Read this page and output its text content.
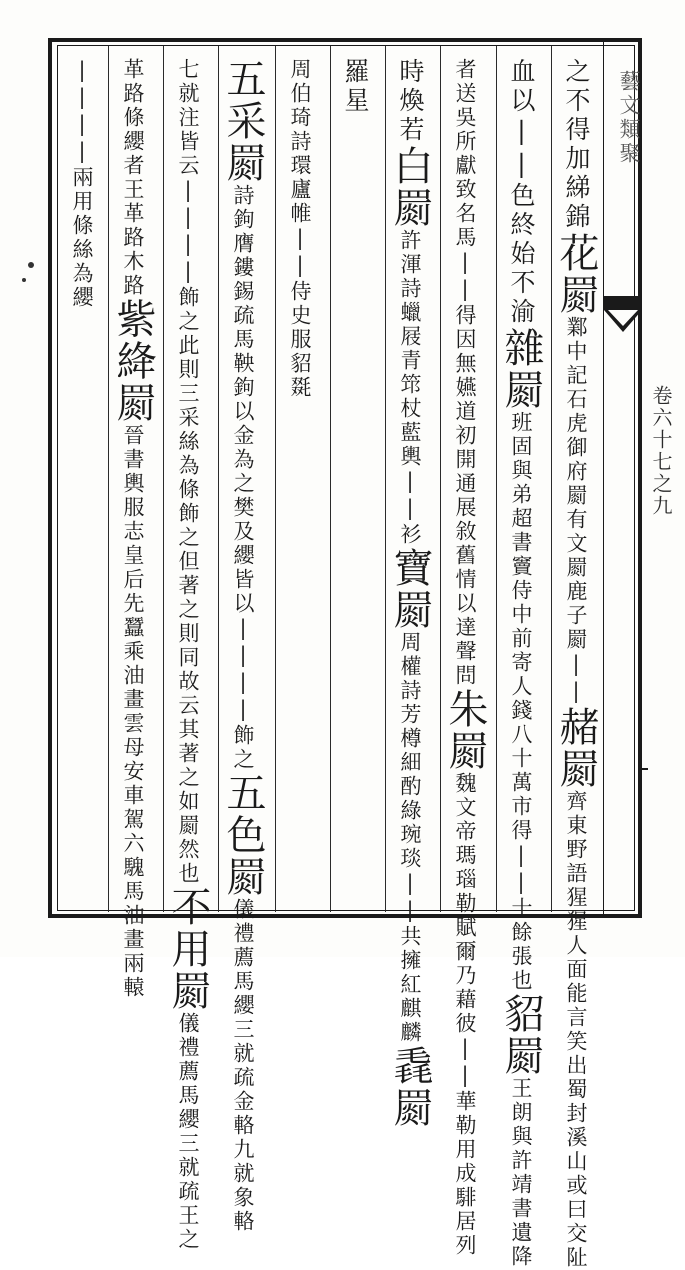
藝文類聚
卷六十七之九
之不得加綈錦花罽鄴中記石虎御府罽有文罽鹿子罽||赭罽齊東野語猩猩人面能言笑出蜀封溪山或曰交阯
血以||色終始不渝雜罽班固與弟超書竇侍中前寄人錢八十萬市得||十餘張也貂罽王朗與許靖書遺降
者送吳所獻致名馬||得因無嬿道初開通展敘舊情以達聲問朱罽魏文帝瑪瑙勒賦爾乃藉彼||華勒用成騑居列
時煥若白罽許渾詩蠟屐青筇杖藍輿||衫寶罽周權詩芳樽細酌綠琬琰||共擁紅麒麟毳罽
羅星
周伯琦詩環廬帷||侍史服貂毲
五采罽詩鉤膺鏤錫疏馬鞅鉤以金為之樊及纓皆以||||飾之五色罽儀禮薦馬纓三就疏金輅九就象輅
七就注皆云||||飾之此則三采絲為條飾之但著之則同故云其著之如罽然也不用罽儀禮薦馬纓三就疏王之
革路條纓者王革路木路紫絳罽晉書輿服志皇后先蠶乘油畫雲母安車駕六騩馬油畫兩轅
||||兩用條絲為纓
